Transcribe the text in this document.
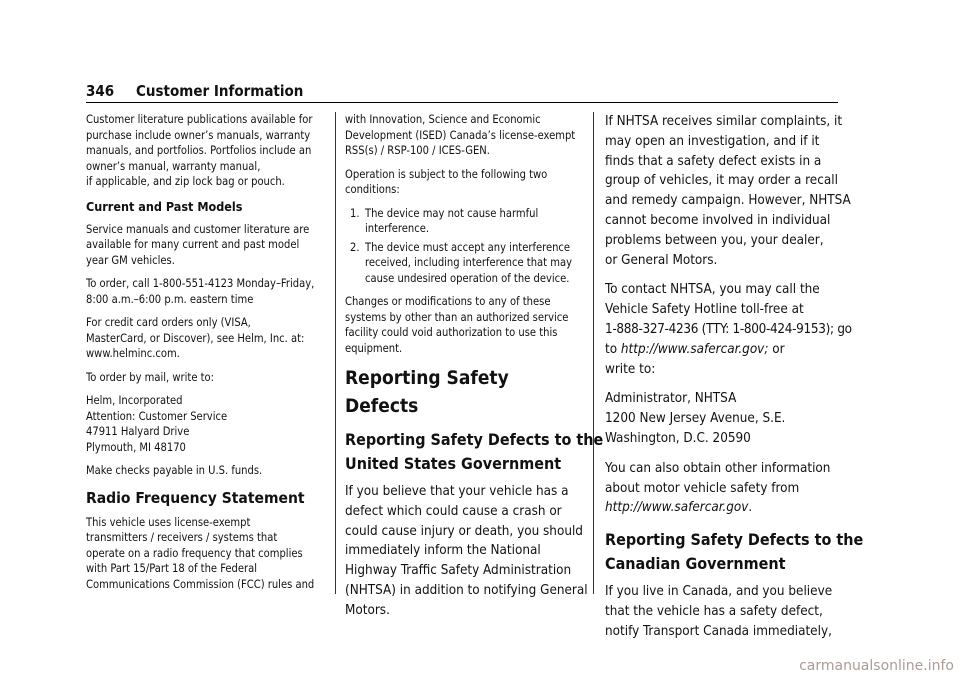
346 Customer Information

Customer literature publications available for
purchase include owner’s manuals, warranty
manuals, and portfolios. Portfolios include an
owner’s manual, warranty manual,
if applicable, and zip lock bag or pouch.

Current and Past Models

Service manuals and customer literature are
available for many current and past model
year GM vehicles.

To order, call 1-800-551-4123 Monday–Friday,
8:00 a.m.–6:00 p.m. eastern time

For credit card orders only (VISA,
MasterCard, or Discover), see Helm, Inc. at:
www.helminc.com.

To order by mail, write to:

Helm, Incorporated
Attention: Customer Service
47911 Halyard Drive
Plymouth, MI 48170

Make checks payable in U.S. funds.

Radio Frequency Statement

This vehicle uses license-exempt
transmitters / receivers / systems that
operate on a radio frequency that complies
with Part 15/Part 18 of the Federal
Communications Commission (FCC) rules and

with Innovation, Science and Economic
Development (ISED) Canada’s license-exempt
RSS(s) / RSP-100 / ICES-GEN.

Operation is subject to the following two
conditions:

1. The device may not cause harmful
interference.
2. The device must accept any interference
received, including interference that may
cause undesired operation of the device.

Changes or modifications to any of these
systems by other than an authorized service
facility could void authorization to use this
equipment.

Reporting Safety Defects
Reporting Safety Defects to the
United States Government

If you believe that your vehicle has a
defect which could cause a crash or
could cause injury or death, you should
immediately inform the National
Highway Traffic Safety Administration
(NHTSA) in addition to notifying General
Motors.

If NHTSA receives similar complaints, it
may open an investigation, and if it
finds that a safety defect exists in a
group of vehicles, it may order a recall
and remedy campaign. However, NHTSA
cannot become involved in individual
problems between you, your dealer,
or General Motors.

To contact NHTSA, you may call the
Vehicle Safety Hotline toll-free at
1-888-327-4236 (TTY: 1-800-424-9153); go
to http://www.safercar.gov; or
write to:

Administrator, NHTSA
1200 New Jersey Avenue, S.E.
Washington, D.C. 20590

You can also obtain other information
about motor vehicle safety from
http://www.safercar.gov.

Reporting Safety Defects to the
Canadian Government

If you live in Canada, and you believe
that the vehicle has a safety defect,
notify Transport Canada immediately,

carmanualsonline.info
